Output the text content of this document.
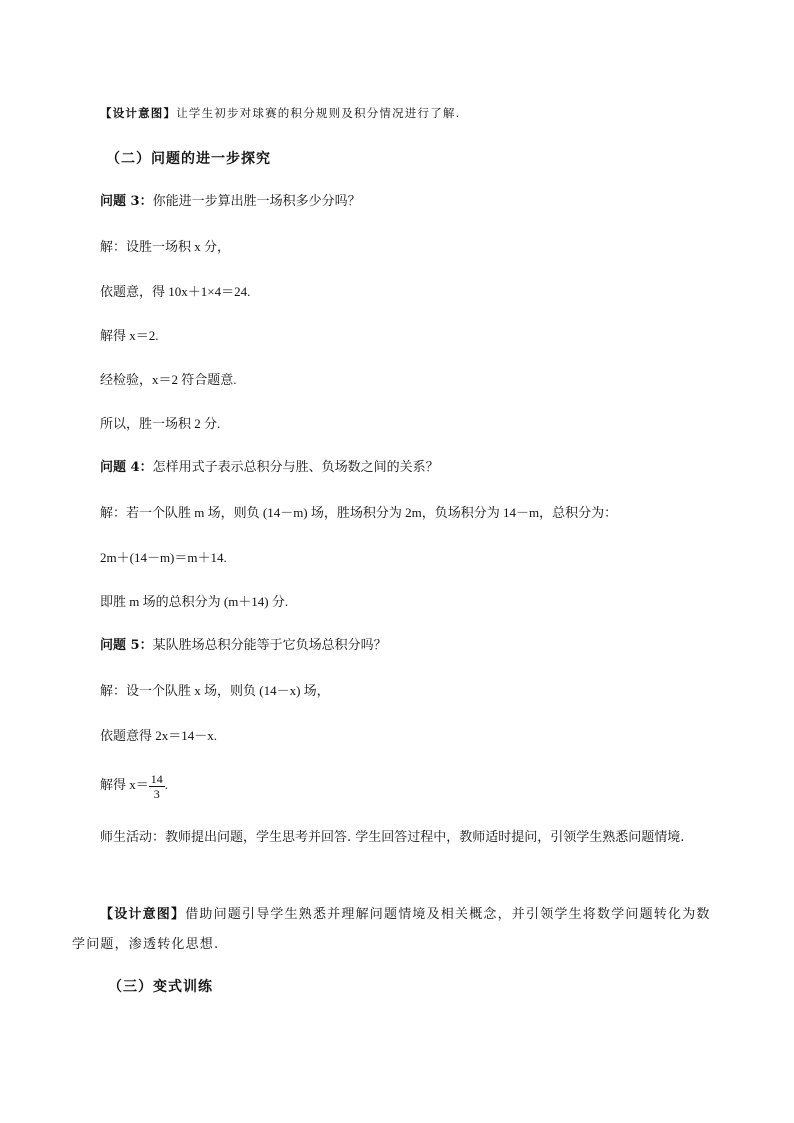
【设计意图】让学生初步对球赛的积分规则及积分情况进行了解.
（二）问题的进一步探究
问题 3：你能进一步算出胜一场积多少分吗？
解：设胜一场积 x 分，
依题意，得 10x＋1×4＝24.
解得 x＝2.
经检验，x＝2 符合题意.
所以，胜一场积 2 分.
问题 4：怎样用式子表示总积分与胜、负场数之间的关系？
解：若一个队胜 m 场，则负 (14－m) 场，胜场积分为 2m，负场积分为 14－m，总积分为：
2m＋(14－m)＝m＋14.
即胜 m 场的总积分为 (m＋14) 分.
问题 5：某队胜场总积分能等于它负场总积分吗？
解：设一个队胜 x 场，则负 (14－x) 场，
依题意得 2x＝14－x.
解得 $x= \frac{14}{3}$ .
师生活动：教师提出问题，学生思考并回答. 学生回答过程中，教师适时提问，引领学生熟悉问题情境.
【设计意图】借助问题引导学生熟悉并理解问题情境及相关概念，并引领学生将数学问题转化为数学问题，渗透转化思想.
（三）变式训练
